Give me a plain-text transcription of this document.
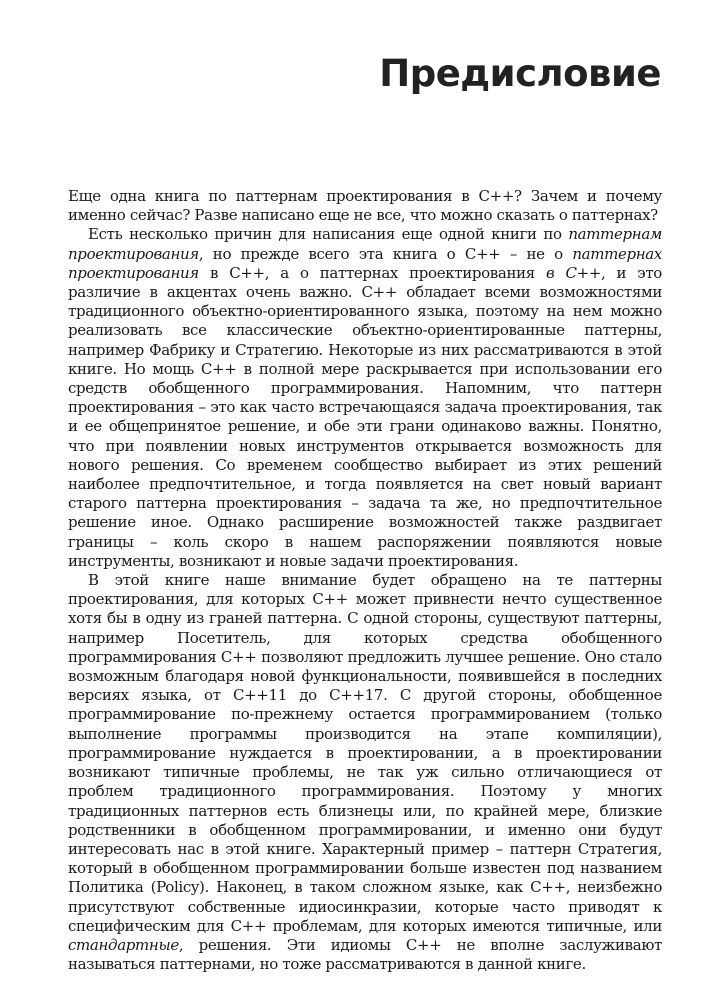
Предисловие

Еще одна книга по паттернам проектирования в C++? Зачем и почему именно сейчас? Разве написано еще не все, что можно сказать о паттернах?

Есть несколько причин для написания еще одной книги по паттернам проектирования, но прежде всего эта книга о C++ – не о паттернах проектирования в C++, а о паттернах проектирования в C++, и это различие в акцентах очень важно. C++ обладает всеми возможностями традиционного объектно-ориентированного языка, поэтому на нем можно реализовать все классические объектно-ориентированные паттерны, например Фабрику и Стратегию. Некоторые из них рассматриваются в этой книге. Но мощь C++ в полной мере раскрывается при использовании его средств обобщенного программирования. Напомним, что паттерн проектирования – это как часто встречающаяся задача проектирования, так и ее общепринятое решение, и обе эти грани одинаково важны. Понятно, что при появлении новых инструментов открывается возможность для нового решения. Со временем сообщество выбирает из этих решений наиболее предпочтительное, и тогда появляется на свет новый вариант старого паттерна проектирования – задача та же, но предпочтительное решение иное. Однако расширение возможностей также раздвигает границы – коль скоро в нашем распоряжении появляются новые инструменты, возникают и новые задачи проектирования.

В этой книге наше внимание будет обращено на те паттерны проектирования, для которых C++ может привнести нечто существенное хотя бы в одну из граней паттерна. С одной стороны, существуют паттерны, например Посетитель, для которых средства обобщенного программирования C++ позволяют предложить лучшее решение. Оно стало возможным благодаря новой функциональности, появившейся в последних версиях языка, от C++11 до C++17. С другой стороны, обобщенное программирование по-прежнему остается программированием (только выполнение программы производится на этапе компиляции), программирование нуждается в проектировании, а в проектировании возникают типичные проблемы, не так уж сильно отличающиеся от проблем традиционного программирования. Поэтому у многих традиционных паттернов есть близнецы или, по крайней мере, близкие родственники в обобщенном программировании, и именно они будут интересовать нас в этой книге. Характерный пример – паттерн Стратегия, который в обобщенном программировании больше известен под названием Политика (Policy). Наконец, в таком сложном языке, как C++, неизбежно присутствуют собственные идиосинкразии, которые часто приводят к специфическим для C++ проблемам, для которых имеются типичные, или стандартные, решения. Эти идиомы C++ не вполне заслуживают называться паттернами, но тоже рассматриваются в данной книге.
